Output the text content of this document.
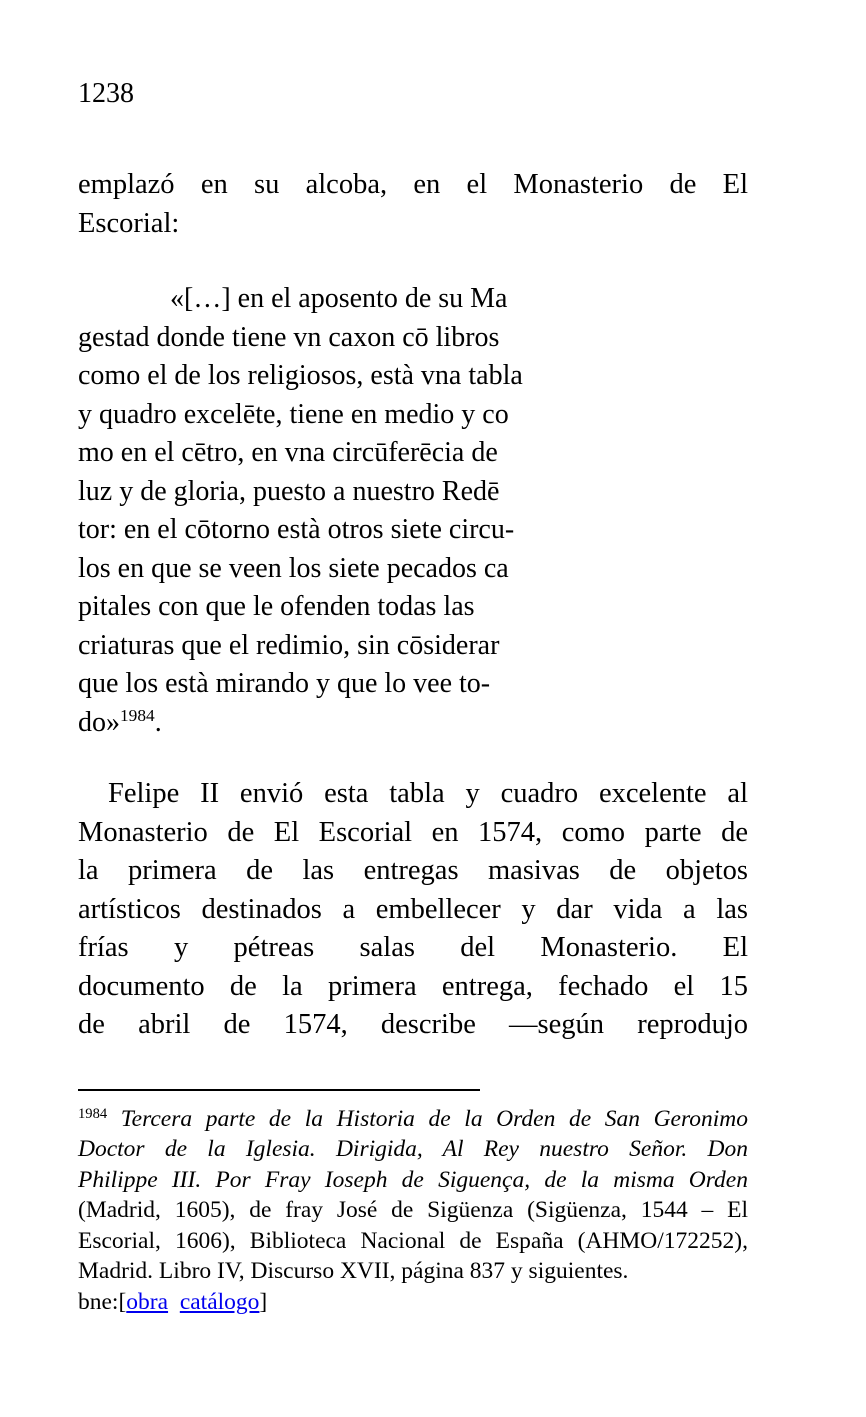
1238
emplazó en su alcoba, en el Monasterio de El
Escorial:
«[…] en el aposento de su Ma
gestad donde tiene vn caxon cō libros
como el de los religiosos, està vna tabla
y quadro excelēte, tiene en medio y co
mo en el cētro, en vna circūferēcia de
luz y de gloria, puesto a nuestro Redē
tor: en el cōtorno està otros siete circu-
los en que se veen los siete pecados ca
pitales con que le ofenden todas las
criaturas que el redimio, sin cōsiderar
que los està mirando y que lo vee to-
do»$^{1984}$.
Felipe II envió esta tabla y cuadro excelente al
Monasterio de El Escorial en 1574, como parte de
la primera de las entregas masivas de objetos
artísticos destinados a embellecer y dar vida a las
frías y pétreas salas del Monasterio. El
documento de la primera entrega, fechado el 15
de abril de 1574, describe —según reprodujo
$^{1984}$ Tercera parte de la Historia de la Orden de San Geronimo
Doctor de la Iglesia. Dirigida, Al Rey nuestro Señor. Don
Philippe III. Por Fray Ioseph de Siguença, de la misma Orden
(Madrid, 1605), de fray José de Sigüenza (Sigüenza, 1544 – El
Escorial, 1606), Biblioteca Nacional de España (AHMO/172252),
Madrid. Libro IV, Discurso XVII, página 837 y siguientes.
bne:[obra catálogo]
